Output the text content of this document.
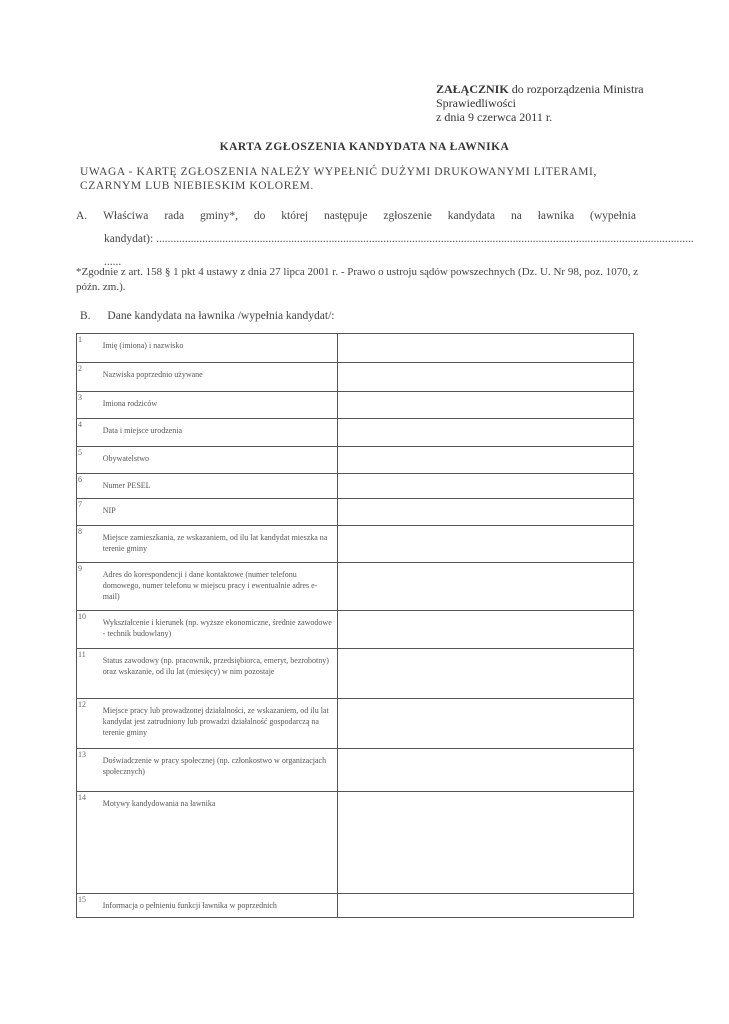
ZAŁĄCZNIK do rozporządzenia Ministra
Sprawiedliwości
z dnia 9 czerwca 2011 r.
KARTA ZGŁOSZENIA KANDYDATA NA ŁAWNIKA
UWAGA - KARTĘ ZGŁOSZENIA NALEŻY WYPEŁNIĆ DUŻYMI DRUKOWANYMI LITERAMI, CZARNYM LUB NIEBIESKIM KOLOREM.
A. Właściwa rada gminy*, do której następuje zgłoszenie kandydata na ławnika (wypełnia
kandydat): ...........................................................................................................................................................................................
......
*Zgodnie z art. 158 § 1 pkt 4 ustawy z dnia 27 lipca 2001 r. - Prawo o ustroju sądów powszechnych (Dz. U. Nr 98, poz. 1070, z późn. zm.).
B. Dane kandydata na ławnika /wypełnia kandydat/:
1	Imię (imiona) i nazwisko	
2	Nazwiska poprzednio używane	
3	Imiona rodziców	
4	Data i miejsce urodzenia	
5	Obywatelstwo	
6	Numer PESEL	
7	NIP	
8	Miejsce zamieszkania, ze wskazaniem, od ilu lat kandydat mieszka na terenie gminy	
9	Adres do korespondencji i dane kontaktowe (numer telefonu domowego, numer telefonu w miejscu pracy i ewentualnie adres e-mail)	
10	Wykształcenie i kierunek (np. wyższe ekonomiczne, średnie zawodowe - technik budowlany)	
11	Status zawodowy (np. pracownik, przedsiębiorca, emeryt, bezrobotny) oraz wskazanie, od ilu lat (miesięcy) w nim pozostaje	
12	Miejsce pracy lub prowadzonej działalności, ze wskazaniem, od ilu lat kandydat jest zatrudniony lub prowadzi działalność gospodarczą na terenie gminy	
13	Doświadczenie w pracy społecznej (np. członkostwo w organizacjach społecznych)	
14	Motywy kandydowania na ławnika	
15	Informacja o pełnieniu funkcji ławnika w poprzednich	
